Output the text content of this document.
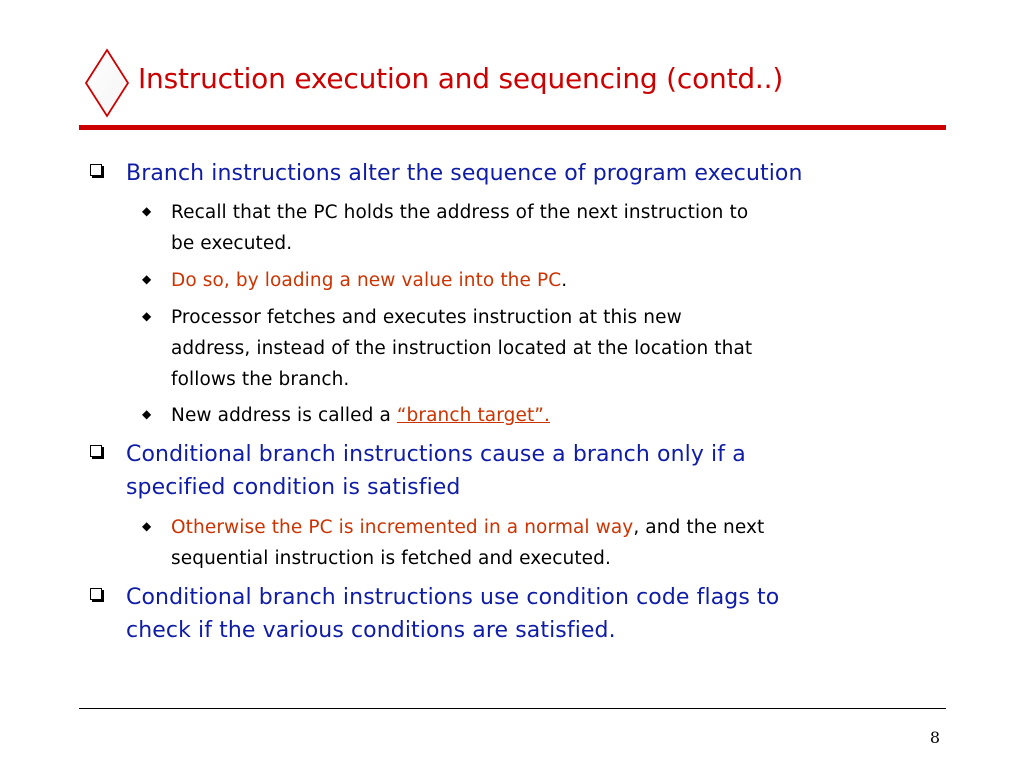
Instruction execution and sequencing (contd..)
Branch instructions alter the sequence of program execution
◆ Recall that the PC holds the address of the next instruction to
be executed.
◆ Do so, by loading a new value into the PC.
◆ Processor fetches and executes instruction at this new
address, instead of the instruction located at the location that
follows the branch.
◆ New address is called a “branch target”.
Conditional branch instructions cause a branch only if a
specified condition is satisfied
◆ Otherwise the PC is incremented in a normal way, and the next
sequential instruction is fetched and executed.
Conditional branch instructions use condition code flags to
check if the various conditions are satisfied.
8
